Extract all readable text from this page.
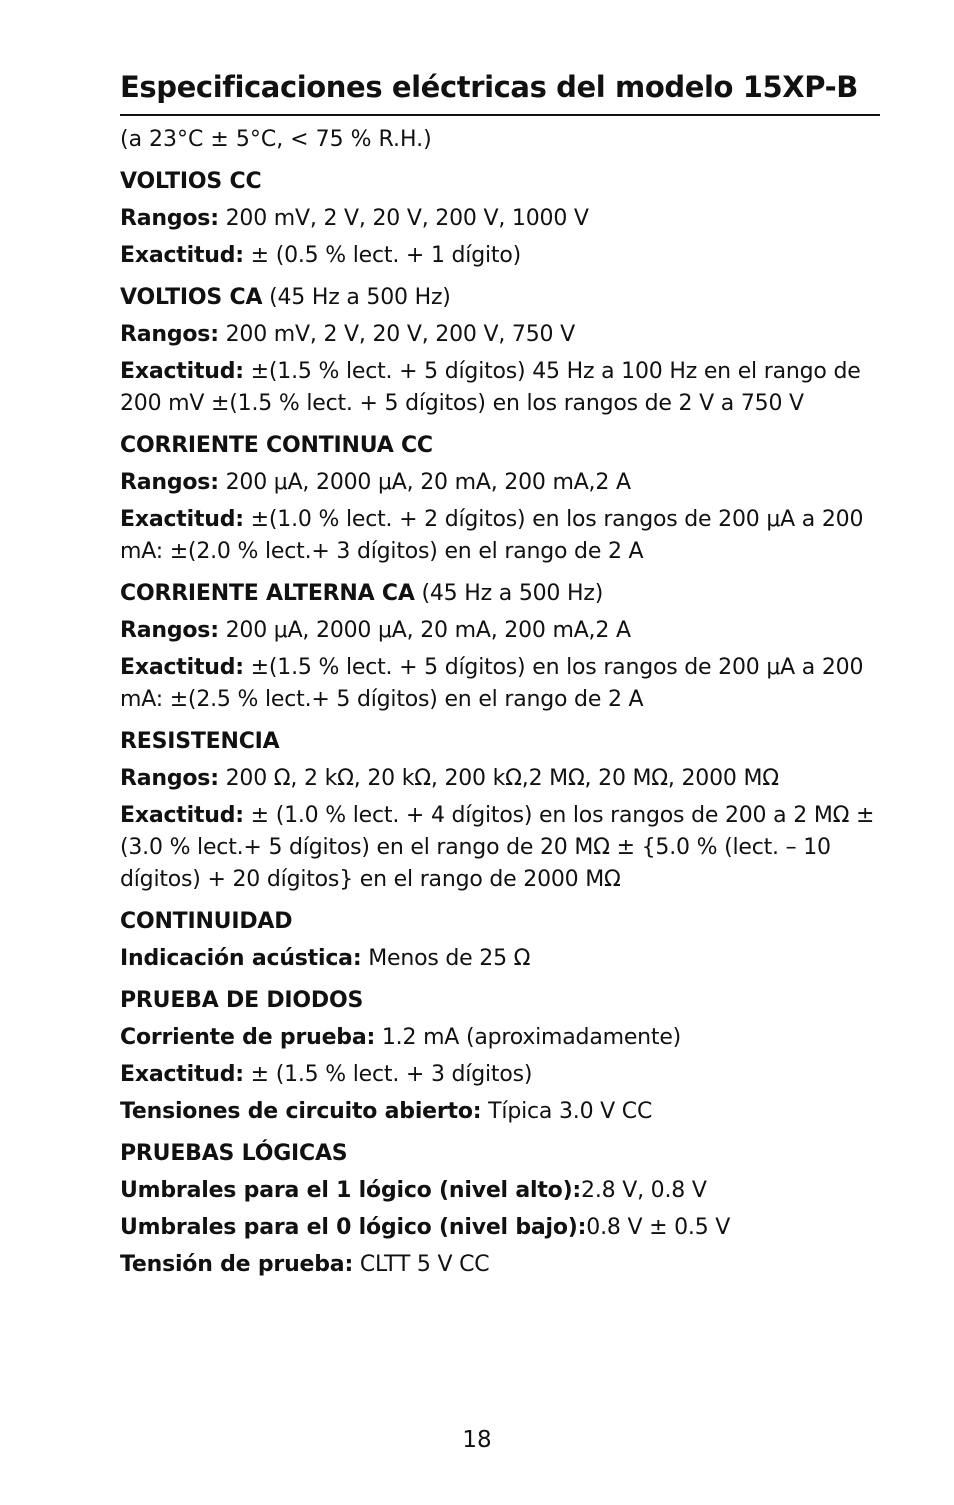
Especificaciones eléctricas del modelo 15XP-B

(a 23°C ± 5°C, < 75 % R.H.)

VOLTIOS CC

Rangos: 200 mV, 2 V, 20 V, 200 V, 1000 V

Exactitud: ± (0.5 % lect. + 1 dígito)

VOLTIOS CA (45 Hz a 500 Hz)

Rangos: 200 mV, 2 V, 20 V, 200 V, 750 V

Exactitud: ±(1.5 % lect. + 5 dígitos) 45 Hz a 100 Hz en el rango de 200 mV ±(1.5 % lect. + 5 dígitos) en los rangos de 2 V a 750 V

CORRIENTE CONTINUA CC

Rangos: 200 μA, 2000 μA, 20 mA, 200 mA,2 A

Exactitud: ±(1.0 % lect. + 2 dígitos) en los rangos de 200 μA a 200 mA: ±(2.0 % lect.+ 3 dígitos) en el rango de 2 A

CORRIENTE ALTERNA CA (45 Hz a 500 Hz)

Rangos: 200 μA, 2000 μA, 20 mA, 200 mA,2 A

Exactitud: ±(1.5 % lect. + 5 dígitos) en los rangos de 200 μA a 200 mA: ±(2.5 % lect.+ 5 dígitos) en el rango de 2 A

RESISTENCIA

Rangos: 200 Ω, 2 kΩ, 20 kΩ, 200 kΩ,2 MΩ, 20 MΩ, 2000 MΩ

Exactitud: ± (1.0 % lect. + 4 dígitos) en los rangos de 200 a 2 MΩ ± (3.0 % lect.+ 5 dígitos) en el rango de 20 MΩ ± {5.0 % (lect. – 10 dígitos) + 20 dígitos} en el rango de 2000 MΩ

CONTINUIDAD

Indicación acústica: Menos de 25 Ω

PRUEBA DE DIODOS

Corriente de prueba: 1.2 mA (aproximadamente)

Exactitud: ± (1.5 % lect. + 3 dígitos)

Tensiones de circuito abierto: Típica 3.0 V CC

PRUEBAS LÓGICAS

Umbrales para el 1 lógico (nivel alto):2.8 V, 0.8 V

Umbrales para el 0 lógico (nivel bajo):0.8 V ± 0.5 V

Tensión de prueba: CLTT 5 V CC

18
